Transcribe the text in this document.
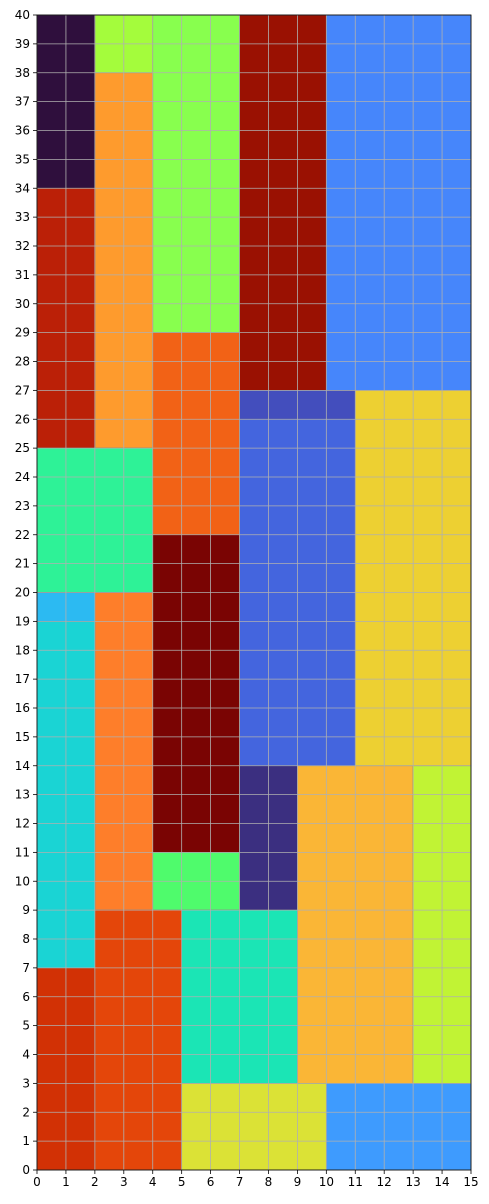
0 1 2 3 4 5 6 7 8 9 10 11 12 13 14 15
0
1
2
3
4
5
6
7
8
9
10
11
12
13
14
15
16
17
18
19
20
21
22
23
24
25
26
27
28
29
30
31
32
33
34
35
36
37
38
39
40
